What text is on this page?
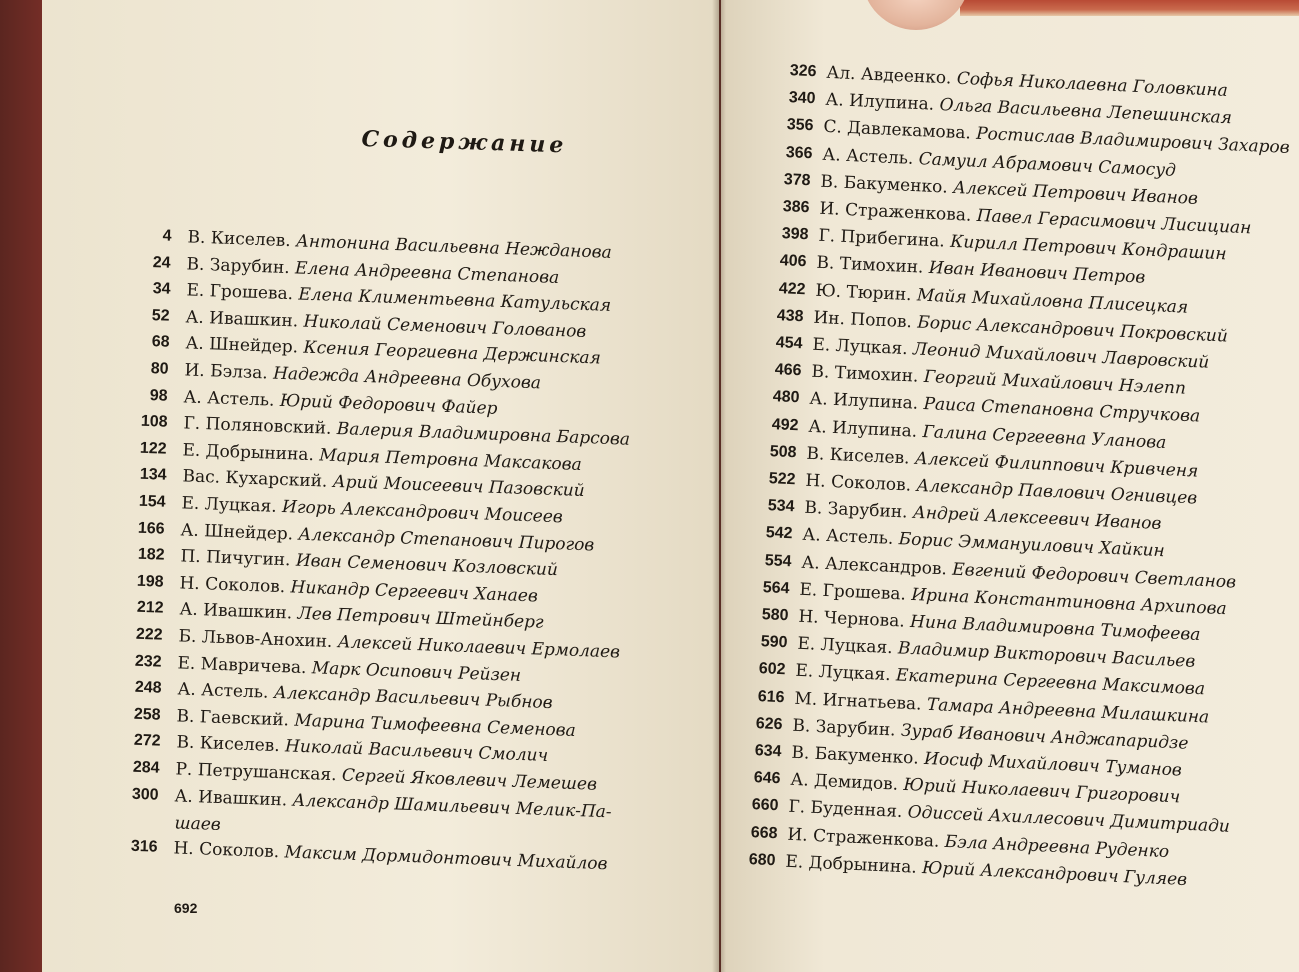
Содержание
4 В. Киселев. Антонина Васильевна Нежданова
24 В. Зарубин. Елена Андреевна Степанова
34 Е. Грошева. Елена Климентьевна Катульская
52 А. Ивашкин. Николай Семенович Голованов
68 А. Шнейдер. Ксения Георгиевна Держинская
80 И. Бэлза. Надежда Андреевна Обухова
98 А. Астель. Юрий Федорович Файер
108 Г. Поляновский. Валерия Владимировна Барсова
122 Е. Добрынина. Мария Петровна Максакова
134 Вас. Кухарский. Арий Моисеевич Пазовский
154 Е. Луцкая. Игорь Александрович Моисеев
166 А. Шнейдер. Александр Степанович Пирогов
182 П. Пичугин. Иван Семенович Козловский
198 Н. Соколов. Никандр Сергеевич Ханаев
212 А. Ивашкин. Лев Петрович Штейнберг
222 Б. Львов-Анохин. Алексей Николаевич Ермолаев
232 Е. Мавричева. Марк Осипович Рейзен
248 А. Астель. Александр Васильевич Рыбнов
258 В. Гаевский. Марина Тимофеевна Семенова
272 В. Киселев. Николай Васильевич Смолич
284 Р. Петрушанская. Сергей Яковлевич Лемешев
300 А. Ивашкин. Александр Шамильевич Мелик-Па-
шаев
316 Н. Соколов. Максим Дормидонтович Михайлов
692
326 Ал. Авдеенко. Софья Николаевна Головкина
340 А. Илупина. Ольга Васильевна Лепешинская
356 С. Давлекамова. Ростислав Владимирович Захаров
366 А. Астель. Самуил Абрамович Самосуд
378 В. Бакуменко. Алексей Петрович Иванов
386 И. Страженкова. Павел Герасимович Лисициан
398 Г. Прибегина. Кирилл Петрович Кондрашин
406 В. Тимохин. Иван Иванович Петров
422 Ю. Тюрин. Майя Михайловна Плисецкая
438 Ин. Попов. Борис Александрович Покровский
454 Е. Луцкая. Леонид Михайлович Лавровский
466 В. Тимохин. Георгий Михайлович Нэлепп
480 А. Илупина. Раиса Степановна Стручкова
492 А. Илупина. Галина Сергеевна Уланова
508 В. Киселев. Алексей Филиппович Кривченя
522 Н. Соколов. Александр Павлович Огнивцев
534 В. Зарубин. Андрей Алексеевич Иванов
542 А. Астель. Борис Эммануилович Хайкин
554 А. Александров. Евгений Федорович Светланов
564 Е. Грошева. Ирина Константиновна Архипова
580 Н. Чернова. Нина Владимировна Тимофеева
590 Е. Луцкая. Владимир Викторович Васильев
602 Е. Луцкая. Екатерина Сергеевна Максимова
616 М. Игнатьева. Тамара Андреевна Милашкина
626 В. Зарубин. Зураб Иванович Анджапаридзе
634 В. Бакуменко. Иосиф Михайлович Туманов
646 А. Демидов. Юрий Николаевич Григорович
660 Г. Буденная. Одиссей Ахиллесович Димитриади
668 И. Страженкова. Бэла Андреевна Руденко
680 Е. Добрынина. Юрий Александрович Гуляев
